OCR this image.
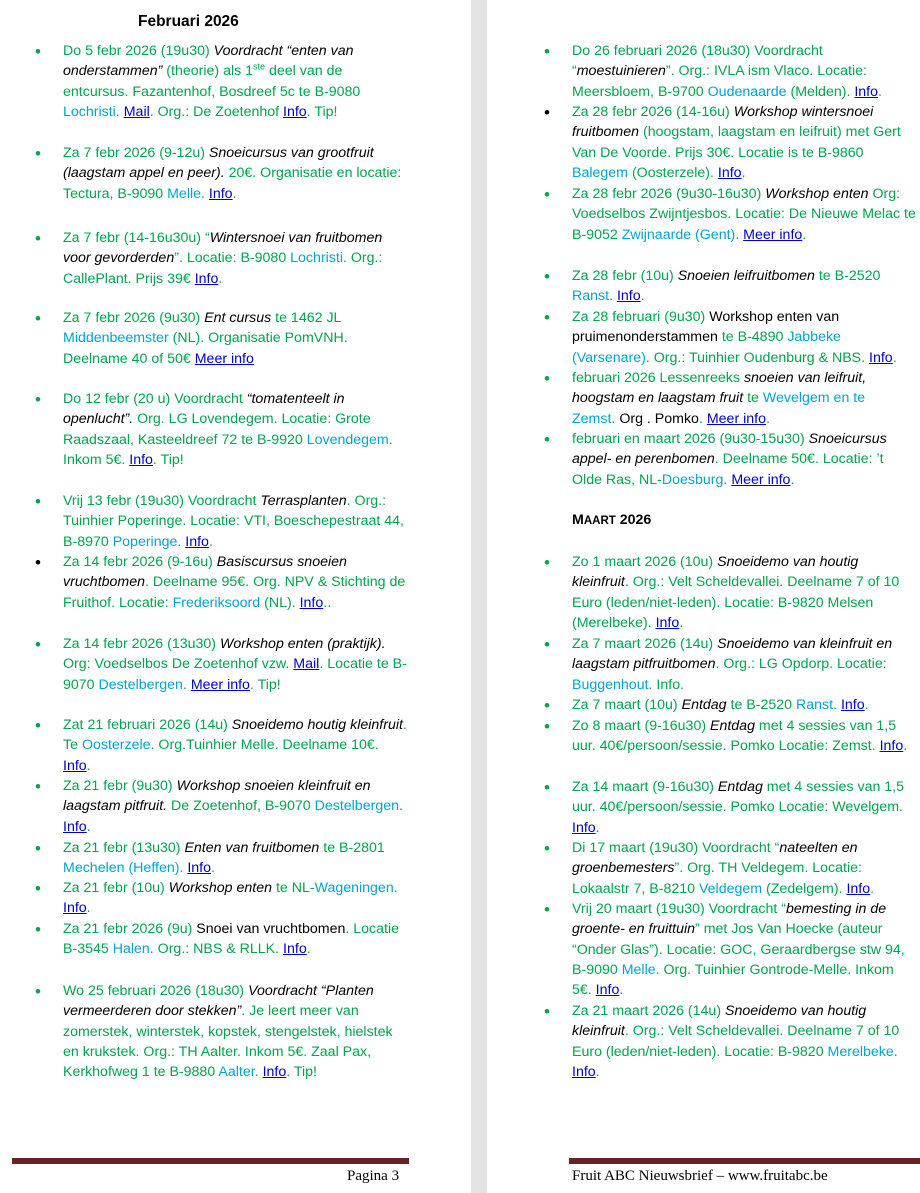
Februari 2026
• Do 5 febr 2026 (19u30) Voordracht “enten van onderstammen” (theorie) als 1ste deel van de entcursus. Fazantenhof, Bosdreef 5c te B-9080 Lochristi. Mail. Org.: De Zoetenhof Info. Tip!
• Za 7 febr 2026 (9-12u) Snoeicursus van grootfruit (laagstam appel en peer). 20€. Organisatie en locatie: Tectura, B-9090 Melle. Info.
• Za 7 febr (14-16u30u) “Wintersnoei van fruitbomen voor gevorderden”. Locatie: B-9080 Lochristi. Org.: CallePlant. Prijs 39€ Info.
• Za 7 febr 2026 (9u30) Ent cursus te 1462 JL Middenbeemster (NL). Organisatie PomVNH. Deelname 40 of 50€ Meer info
• Do 12 febr (20 u) Voordracht “tomatenteelt in openlucht”. Org. LG Lovendegem. Locatie: Grote Raadszaal, Kasteeldreef 72 te B-9920 Lovendegem. Inkom 5€. Info. Tip!
• Vrij 13 febr (19u30) Voordracht Terrasplanten. Org.: Tuinhier Poperinge. Locatie: VTI, Boeschepestraat 44, B-8970 Poperinge. Info.
• Za 14 febr 2026 (9-16u) Basiscursus snoeien vruchtbomen. Deelname 95€. Org. NPV & Stichting de Fruithof. Locatie: Frederiksoord (NL). Info..
• Za 14 febr 2026 (13u30) Workshop enten (praktijk). Org: Voedselbos De Zoetenhof vzw. Mail. Locatie te B-9070 Destelbergen. Meer info. Tip!
• Zat 21 februari 2026 (14u) Snoeidemo houtig kleinfruit. Te Oosterzele. Org.Tuinhier Melle. Deelname 10€. Info.
• Za 21 febr (9u30) Workshop snoeien kleinfruit en laagstam pitfruit. De Zoetenhof, B-9070 Destelbergen. Info.
• Za 21 febr (13u30) Enten van fruitbomen te B-2801 Mechelen (Heffen). Info.
• Za 21 febr (10u) Workshop enten te NL-Wageningen. Info.
• Za 21 febr 2026 (9u) Snoei van vruchtbomen. Locatie B-3545 Halen. Org.: NBS & RLLK. Info.
• Wo 25 februari 2026 (18u30) Voordracht “Planten vermeerderen door stekken”. Je leert meer van zomerstek, winterstek, kopstek, stengelstek, hielstek en krukstek. Org.: TH Aalter. Inkom 5€. Zaal Pax, Kerkhofweg 1 te B-9880 Aalter. Info. Tip!
• Do 26 februari 2026 (18u30) Voordracht “moestuinieren”. Org.: IVLA ism Vlaco. Locatie: Meersbloem, B-9700 Oudenaarde (Melden). Info.
• Za 28 febr 2026 (14-16u) Workshop wintersnoei fruitbomen (hoogstam, laagstam en leifruit) met Gert Van De Voorde. Prijs 30€. Locatie is te B-9860 Balegem (Oosterzele). Info.
• Za 28 febr 2026 (9u30-16u30) Workshop enten Org: Voedselbos Zwijntjesbos. Locatie: De Nieuwe Melac te B-9052 Zwijnaarde (Gent). Meer info.
• Za 28 febr (10u) Snoeien leifruitbomen te B-2520 Ranst. Info.
• Za 28 februari (9u30) Workshop enten van pruimenonderstammen te B-4890 Jabbeke (Varsenare). Org.: Tuinhier Oudenburg & NBS. Info.
• februari 2026 Lessenreeks snoeien van leifruit, hoogstam en laagstam fruit te Wevelgem en te Zemst. Org . Pomko. Meer info.
• februari en maart 2026 (9u30-15u30) Snoeicursus appel- en perenbomen. Deelname 50€. Locatie: ’t Olde Ras, NL-Doesburg. Meer info.
MAART 2026
• Zo 1 maart 2026 (10u) Snoeidemo van houtig kleinfruit. Org.: Velt Scheldevallei. Deelname 7 of 10 Euro (leden/niet-leden). Locatie: B-9820 Melsen (Merelbeke). Info.
• Za 7 maart 2026 (14u) Snoeidemo van kleinfruit en laagstam pitfruitbomen. Org.: LG Opdorp. Locatie: Buggenhout. Info.
• Za 7 maart (10u) Entdag te B-2520 Ranst. Info.
• Zo 8 maart (9-16u30) Entdag met 4 sessies van 1,5 uur. 40€/persoon/sessie. Pomko Locatie: Zemst. Info.
• Za 14 maart (9-16u30) Entdag met 4 sessies van 1,5 uur. 40€/persoon/sessie. Pomko Locatie: Wevelgem. Info.
• Di 17 maart (19u30) Voordracht “nateelten en groenbemesters”. Org. TH Veldegem. Locatie: Lokaalstr 7, B-8210 Veldegem (Zedelgem). Info.
• Vrij 20 maart (19u30) Voordracht “bemesting in de groente- en fruittuin” met Jos Van Hoecke (auteur “Onder Glas”). Locatie: GOC, Geraardbergse stw 94, B-9090 Melle. Org. Tuinhier Gontrode-Melle. Inkom 5€. Info.
• Za 21 maart 2026 (14u) Snoeidemo van houtig kleinfruit. Org.: Velt Scheldevallei. Deelname 7 of 10 Euro (leden/niet-leden). Locatie: B-9820 Merelbeke. Info.
Pagina 3	Fruit ABC Nieuwsbrief – www.fruitabc.be
